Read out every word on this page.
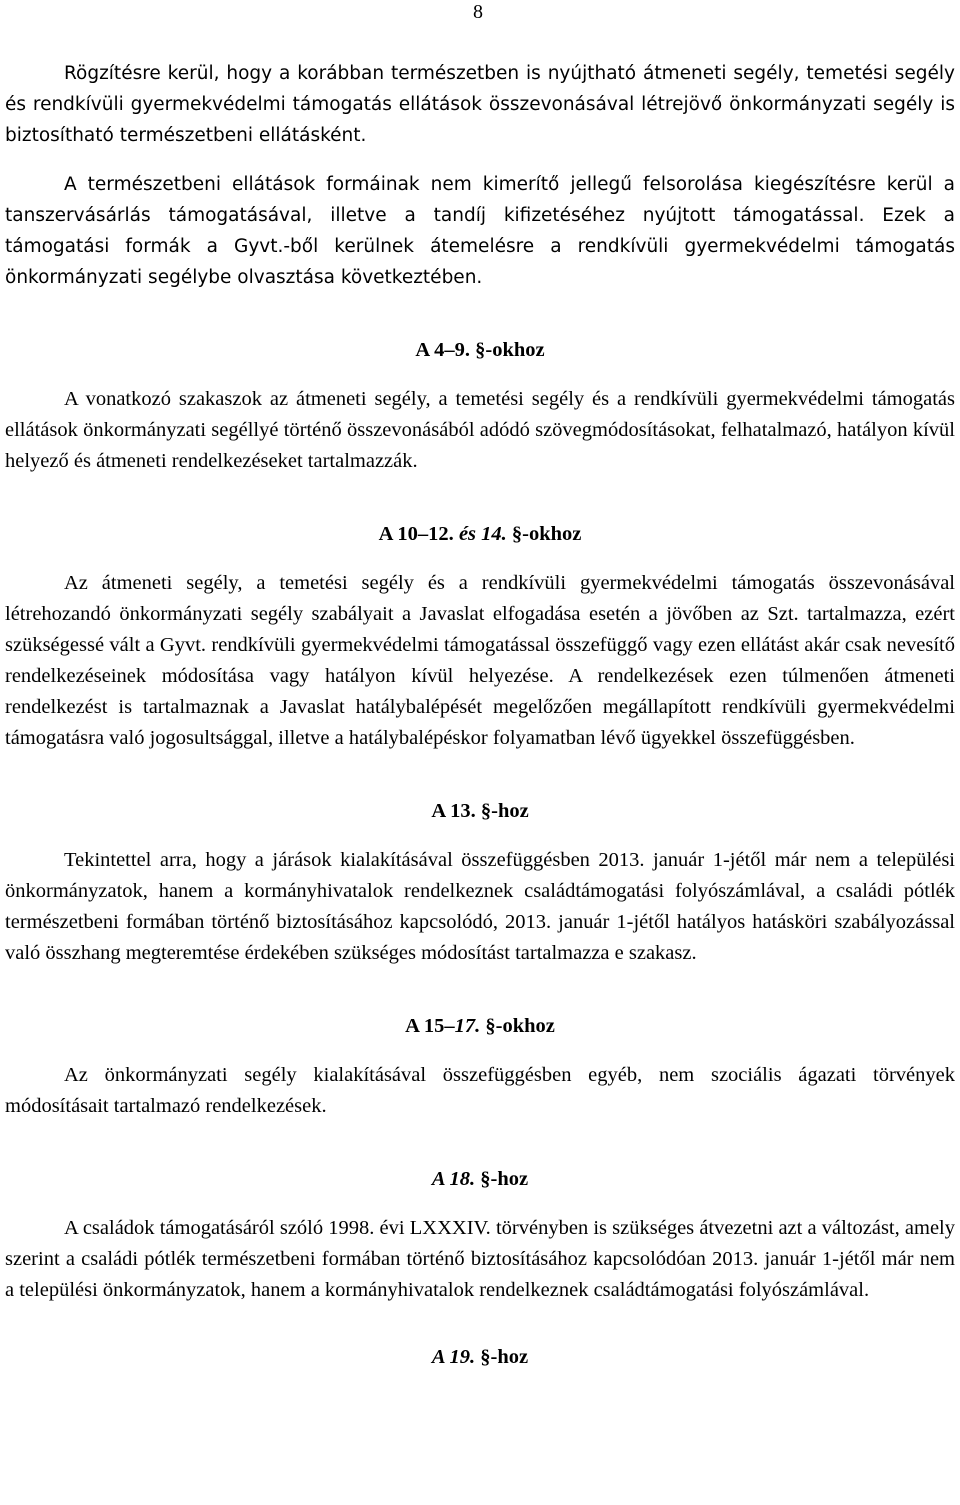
8

Rögzítésre kerül, hogy a korábban természetben is nyújtható átmeneti segély, temetési segély és rendkívüli gyermekvédelmi támogatás ellátások összevonásával létrejövő önkormányzati segély is biztosítható természetbeni ellátásként.

A természetbeni ellátások formáinak nem kimerítő jellegű felsorolása kiegészítésre kerül a tanszervásárlás támogatásával, illetve a tandíj kifizetéséhez nyújtott támogatással. Ezek a támogatási formák a Gyvt.-ből kerülnek átemelésre a rendkívüli gyermekvédelmi támogatás önkormányzati segélybe olvasztása következtében.

A 4–9. §-okhoz

A vonatkozó szakaszok az átmeneti segély, a temetési segély és a rendkívüli gyermekvédelmi támogatás ellátások önkormányzati segéllyé történő összevonásából adódó szövegmódosításokat, felhatalmazó, hatályon kívül helyező és átmeneti rendelkezéseket tartalmazzák.

A 10–12. és 14. §-okhoz

Az átmeneti segély, a temetési segély és a rendkívüli gyermekvédelmi támogatás összevonásával létrehozandó önkormányzati segély szabályait a Javaslat elfogadása esetén a jövőben az Szt. tartalmazza, ezért szükségessé vált a Gyvt. rendkívüli gyermekvédelmi támogatással összefüggő vagy ezen ellátást akár csak nevesítő rendelkezéseinek módosítása vagy hatályon kívül helyezése. A rendelkezések ezen túlmenően átmeneti rendelkezést is tartalmaznak a Javaslat hatálybalépését megelőzően megállapított rendkívüli gyermekvédelmi támogatásra való jogosultsággal, illetve a hatálybalépéskor folyamatban lévő ügyekkel összefüggésben.

A 13. §-hoz

Tekintettel arra, hogy a járások kialakításával összefüggésben 2013. január 1-jétől már nem a települési önkormányzatok, hanem a kormányhivatalok rendelkeznek családtámogatási folyószámlával, a családi pótlék természetbeni formában történő biztosításához kapcsolódó, 2013. január 1-jétől hatályos hatásköri szabályozással való összhang megteremtése érdekében szükséges módosítást tartalmazza e szakasz.

A 15–17. §-okhoz

Az önkormányzati segély kialakításával összefüggésben egyéb, nem szociális ágazati törvények módosításait tartalmazó rendelkezések.

A 18. §-hoz

A családok támogatásáról szóló 1998. évi LXXXIV. törvényben is szükséges átvezetni azt a változást, amely szerint a családi pótlék természetbeni formában történő biztosításához kapcsolódóan 2013. január 1-jétől már nem a települési önkormányzatok, hanem a kormányhivatalok rendelkeznek családtámogatási folyószámlával.

A 19. §-hoz
